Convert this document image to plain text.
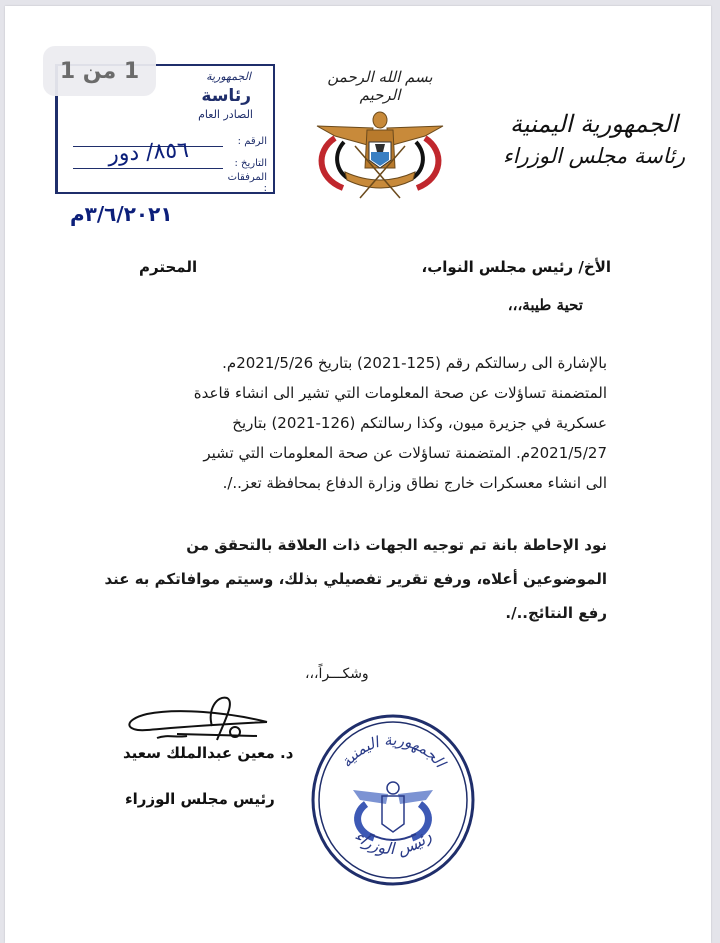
1 من 1	الجمهورية
رئاسة
الصادر العام
الرقم :
التاريخ :
المرفقات :
٨٥٦/ دور
٣/٦/٢٠٢١م
بسم الله الرحمن الرحيم
الجمهورية اليمنية
رئاسة مجلس الوزراء
الأخ/ رئيس مجلس النواب،
المحترم
تحية طيبة،،،

بالإشارة الى رسالتكم رقم (125-2021) بتاريخ 2021/5/26م.

المتضمنة تساؤلات عن صحة المعلومات التي تشير الى انشاء قاعدة

عسكرية في جزيرة ميون، وكذا رسالتكم (126-2021) بتاريخ

2021/5/27م. المتضمنة تساؤلات عن صحة المعلومات التي تشير

الى انشاء معسكرات خارج نطاق وزارة الدفاع بمحافظة تعز../.

نود الإحاطة بانة تم توجيه الجهات ذات العلاقة بالتحقق من

الموضوعين أعلاه، ورفع تقرير تفصيلي بذلك، وسيتم موافاتكم به عند

رفع النتائج../.

وشكـــراً،،،
د. معين عبدالملك سعيد
رئيس مجلس الوزراء
الجمهورية اليمنية
رئيس الوزراء
